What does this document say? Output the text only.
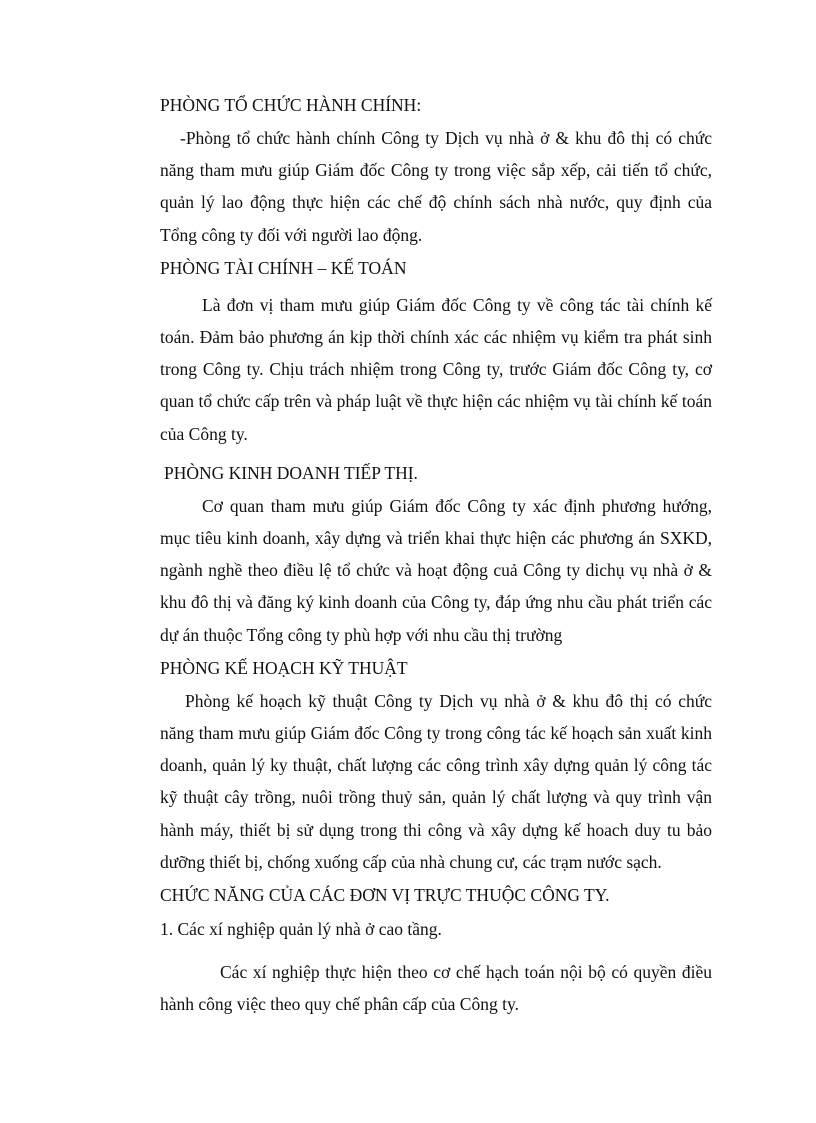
PHÒNG TỔ CHỨC HÀNH CHÍNH:

-Phòng tổ chức hành chính Công ty Dịch vụ nhà ở & khu đô thị có chức năng tham mưu giúp Giám đốc Công ty trong việc sắp xếp, cải tiến tổ chức, quản lý lao động thực hiện các chế độ chính sách nhà nước, quy định của Tổng công ty đối với người lao động.

PHÒNG TÀI CHÍNH – KẾ TOÁN

Là đơn vị tham mưu giúp Giám đốc Công ty về công tác tài chính kế toán. Đảm bảo phương án kịp thời chính xác các nhiệm vụ kiểm tra phát sinh trong Công ty. Chịu trách nhiệm trong Công ty, trước Giám đốc Công ty, cơ quan tổ chức cấp trên và pháp luật về thực hiện các nhiệm vụ tài chính kế toán của Công ty.

PHÒNG KINH DOANH TIẾP THỊ.

Cơ quan tham mưu giúp Giám đốc Công ty xác định phương hướng, mục tiêu kinh doanh, xây dựng và triển khai thực hiện các phương án SXKD, ngành nghề theo điều lệ tổ chức và hoạt động cuả Công ty dichụ vụ nhà ở & khu đô thị và đăng ký kinh doanh của Công ty, đáp ứng nhu cầu phát triển các dự án thuộc Tổng công ty phù hợp với nhu cầu thị trường

PHÒNG KẾ HOẠCH KỸ THUẬT

Phòng kế hoạch kỹ thuật Công ty Dịch vụ nhà ở & khu đô thị có chức năng tham mưu giúp Giám đốc Công ty trong công tác kế hoạch sản xuất kinh doanh, quản lý ky thuật, chất lượng các công trình xây dựng quản lý công tác kỹ thuật cây trồng, nuôi trồng thuỷ sản, quản lý chất lượng và quy trình vận hành máy, thiết bị sử dụng trong thi công và xây dựng kế hoach duy tu bảo dưỡng thiết bị, chống xuống cấp của nhà chung cư, các trạm nước sạch.

CHỨC NĂNG CỦA CÁC ĐƠN VỊ TRỰC THUỘC CÔNG TY.

1. Các xí nghiệp quản lý nhà ở cao tầng.

Các xí nghiệp thực hiện theo cơ chế hạch toán nội bộ có quyền điều hành công việc theo quy chế phân cấp của Công ty.
